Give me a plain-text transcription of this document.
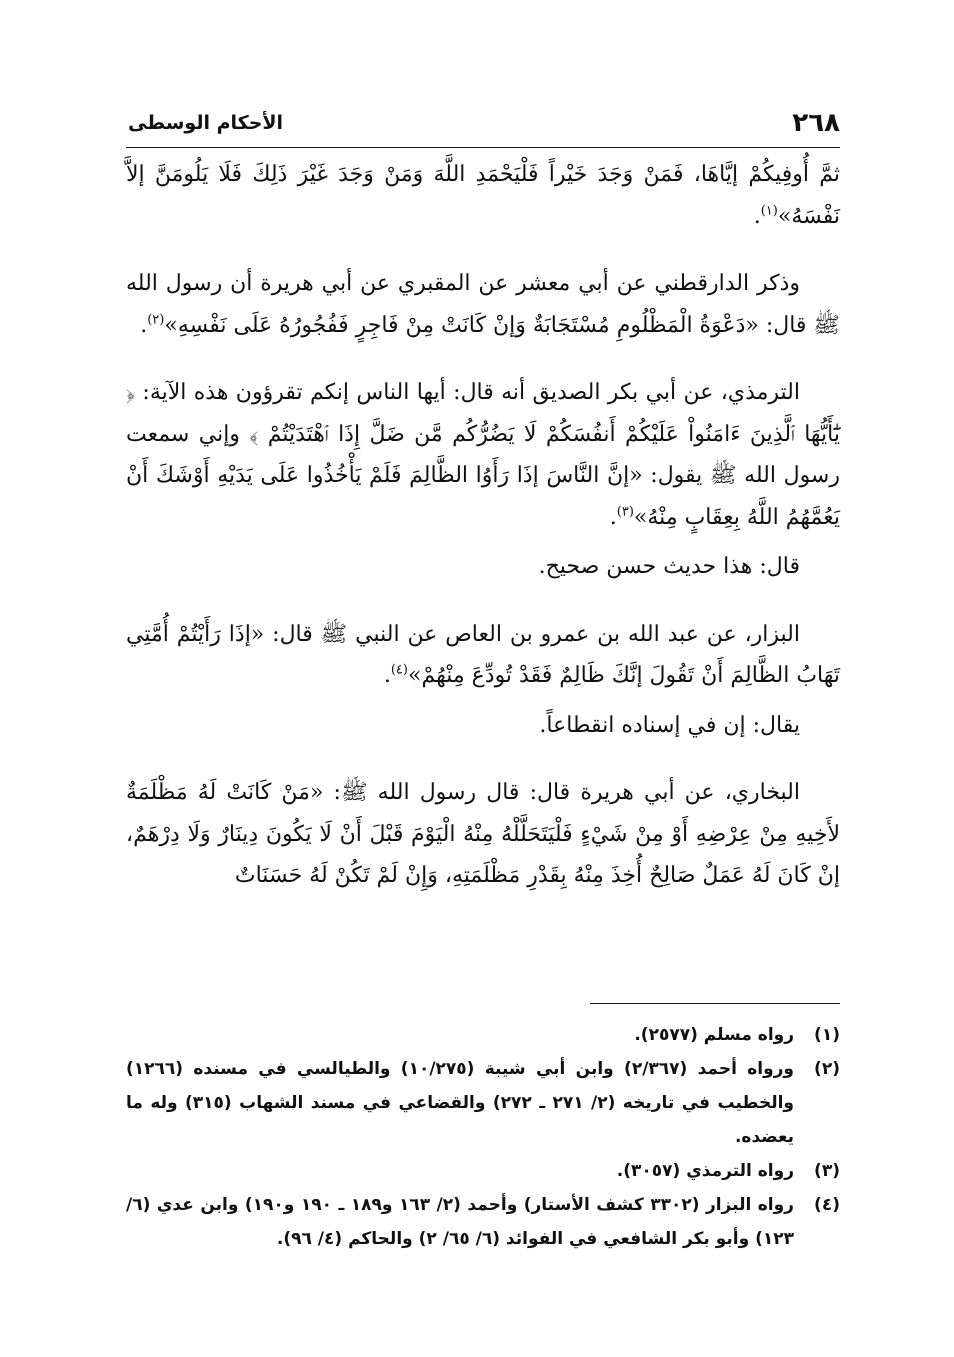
٢٦٨
الأحكام الوسطى

ثمَّ أُوفِيكُمْ إيَّاهَا، فَمَنْ وَجَدَ خَيْراً فَلْيَحْمَدِ اللَّهَ وَمَنْ وَجَدَ غَيْرَ ذَلِكَ فَلَا يَلُومَنَّ إلاَّ نَفْسَهُ»$^{(١)}$.

وذكر الدارقطني عن أبي معشر عن المقبري عن أبي هريرة أن رسول الله ﷺ قال: «دَعْوَةُ الْمَظْلُومِ مُسْتَجَابَةٌ وَإنْ كَانَتْ مِنْ فَاجِرٍ فَفُجُورُهُ عَلَى نَفْسِهِ»$^{(٢)}$.

الترمذي، عن أبي بكر الصديق أنه قال: أيها الناس إنكم تقرؤون هذه الآية: ﴿ يَٰٓأَيُّهَا ٱلَّذِينَ ءَامَنُواْ عَلَيْكُمْ أَنفُسَكُمْ لَا يَضُرُّكُم مَّن ضَلَّ إِذَا ٱهْتَدَيْتُمْ ﴾ وإني سمعت رسول الله ﷺ يقول: «إنَّ النَّاسَ إذَا رَأَوُا الظَّالِمَ فَلَمْ يَأْخُذُوا عَلَى يَدَيْهِ أَوْشَكَ أَنْ يَعُمَّهُمُ اللَّهُ بِعِقَابٍ مِنْهُ»$^{(٣)}$.

قال: هذا حديث حسن صحيح.

البزار، عن عبد الله بن عمرو بن العاص عن النبي ﷺ قال: «إذَا رَأَيْتُمْ أُمَّتِي تَهَابُ الظَّالِمَ أَنْ تَقُولَ إنَّكَ ظَالِمٌ فَقَدْ تُودِّعَ مِنْهُمْ»$^{(٤)}$.

يقال: إن في إسناده انقطاعاً.

البخاري، عن أبي هريرة قال: قال رسول الله ﷺ: «مَنْ كَانَتْ لَهُ مَظْلَمَةٌ لأَخِيهِ مِنْ عِرْضِهِ أَوْ مِنْ شَيْءٍ فَلْيَتَحَلَّلْهُ مِنْهُ الْيَوْمَ قَبْلَ أَنْ لَا يَكُونَ دِينَارٌ وَلَا دِرْهَمٌ، إنْ كَانَ لَهُ عَمَلٌ صَالِحٌ أُخِذَ مِنْهُ بِقَدْرِ مَظْلَمَتِهِ، وَإِنْ لَمْ تَكُنْ لَهُ حَسَنَاتٌ

(١)
رواه مسلم (٢٥٧٧).
(٢)
ورواه أحمد (٢/٣٦٧) وابن أبي شيبة (١٠/٢٧٥) والطيالسي في مسنده (١٢٦٦) والخطيب في تاريخه (٢/ ٢٧١ ـ ٢٧٢) والقضاعي في مسند الشهاب (٣١٥) وله ما يعضده.
(٣)
رواه الترمذي (٣٠٥٧).
(٤)
رواه البزار (٣٣٠٢ كشف الأستار) وأحمد (٢/ ١٦٣ و١٨٩ ـ ١٩٠ و١٩٠) وابن عدي (٦/ ١٢٣) وأبو بكر الشافعي في الفوائد (٦/ ٦٥/ ٢) والحاكم (٤/ ٩٦).
